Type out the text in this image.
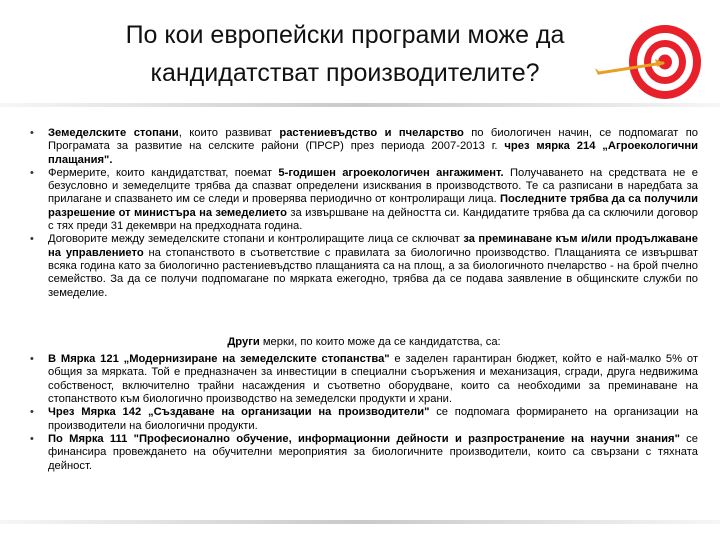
По кои европейски програми може да
кандидатстват производителите?
• Земеделските стопани, които развиват растениевъдство и пчеларство по биологичен начин, се подпомагат по Програмата за развитие на селските райони (ПРСР) през периода 2007-2013 г. чрез мярка 214 „Агроекологични плащания".
• Фермерите, които кандидатстват, поемат 5-годишен агроекологичен ангажимент. Получаването на средствата не е безусловно и земеделците трябва да спазват определени изисквания в производството. Те са разписани в наредбата за прилагане и спазването им се следи и проверява периодично от контролиращи лица. Последните трябва да са получили разрешение от министъра на земеделието за извършване на дейността си. Кандидатите трябва да са сключили договор с тях преди 31 декември на предходната година.
• Договорите между земеделските стопани и контролиращите лица се сключват за преминаване към и/или продължаване на управлението на стопанството в съответствие с правилата за биологично производство. Плащанията се извършват всяка година като за биологично растениевъдство плащанията са на площ, а за биологичното пчеларство - на брой пчелно семейство. За да се получи подпомагане по мярката ежегодно, трябва да се подава заявление в общинските служби по земеделие.
Други мерки, по които може да се кандидатства, са:
• В Мярка 121 „Модернизиране на земеделските стопанства" е заделен гарантиран бюджет, който е най-малко 5% от общия за мярката. Той е предназначен за инвестиции в специални съоръжения и механизация, сгради, друга недвижима собственост, включително трайни насаждения и съответно оборудване, които са необходими за преминаване на стопанството към биологично производство на земеделски продукти и храни.
• Чрез Мярка 142 „Създаване на организации на производители" се подпомага формирането на организации на производители на биологични продукти.
• По Мярка 111 "Професионално обучение, информационни дейности и разпространение на научни знания" се финансира провеждането на обучителни мероприятия за биологичните производители, които са свързани с тяхната дейност.
